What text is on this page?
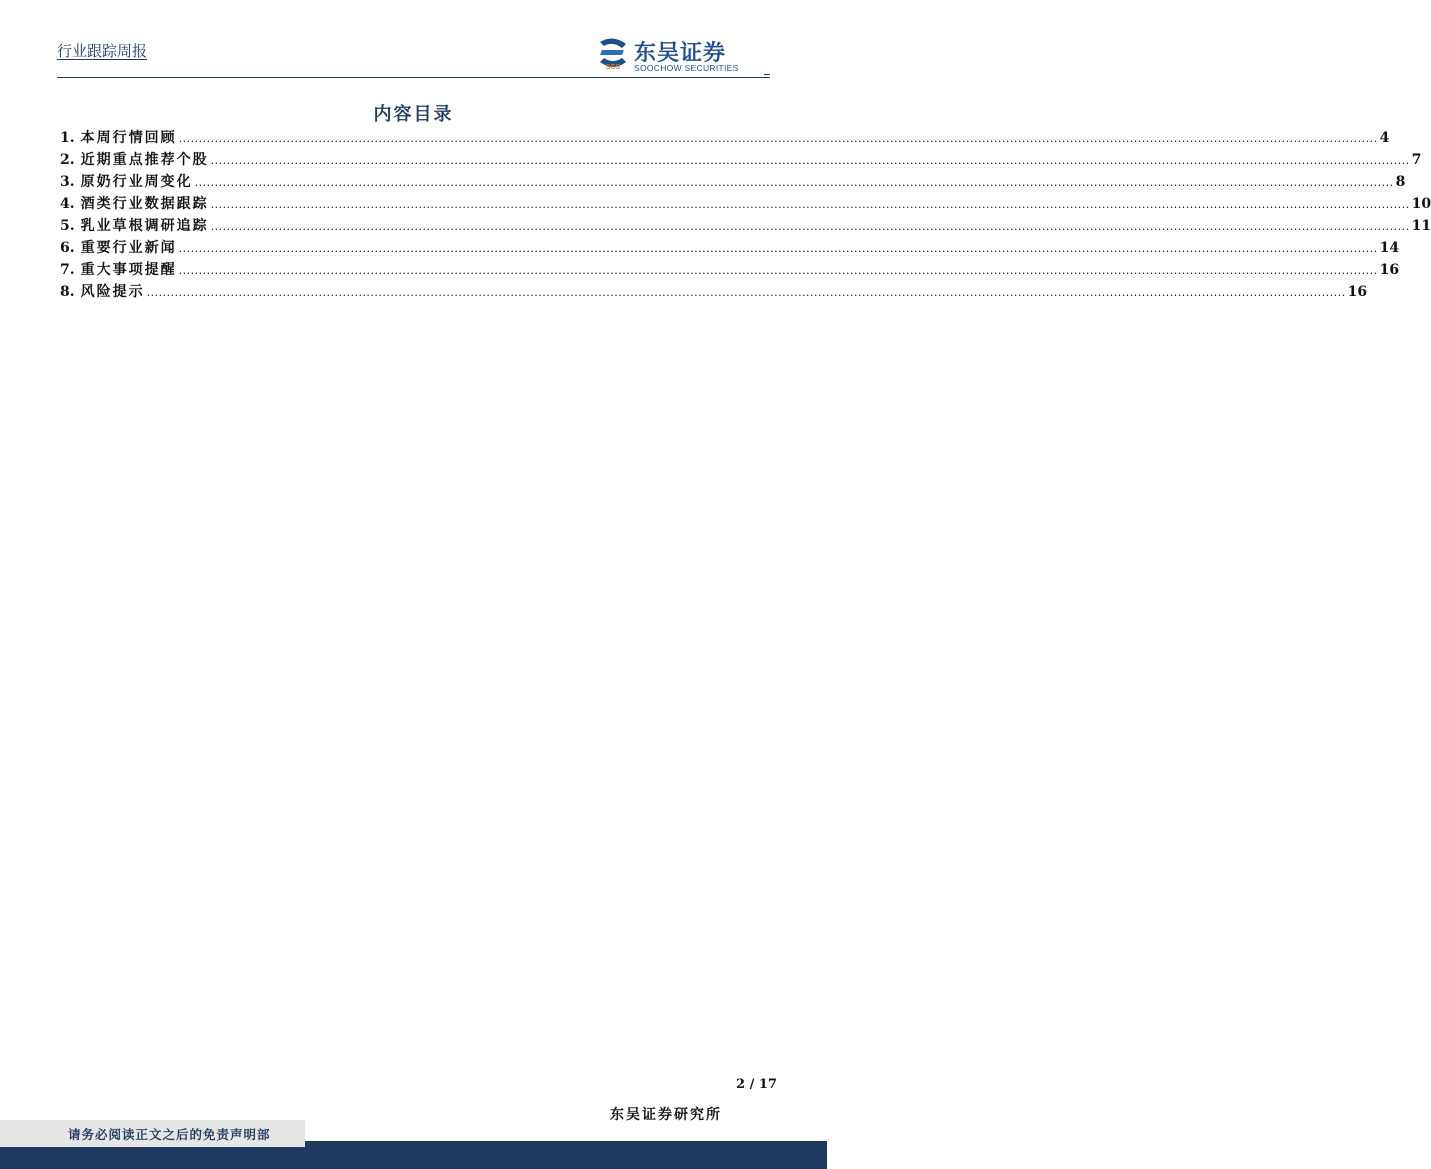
行业跟踪周报
SCS
东吴证券
SOOCHOW SECURITIES
内容目录
1. 本周行情回顾 ............................................................................................................................................................................................................................................................................................................ 4
2. 近期重点推荐个股 ............................................................................................................................................................................................................................................................................................................ 7
3. 原奶行业周变化 ............................................................................................................................................................................................................................................................................................................ 8
4. 酒类行业数据跟踪 ............................................................................................................................................................................................................................................................................................................ 10
5. 乳业草根调研追踪 ............................................................................................................................................................................................................................................................................................................ 11
6. 重要行业新闻 ............................................................................................................................................................................................................................................................................................................ 14
7. 重大事项提醒 ............................................................................................................................................................................................................................................................................................................ 16
8. 风险提示 ............................................................................................................................................................................................................................................................................................................ 16
2 / 17
东吴证券研究所
请务必阅读正文之后的免责声明部
